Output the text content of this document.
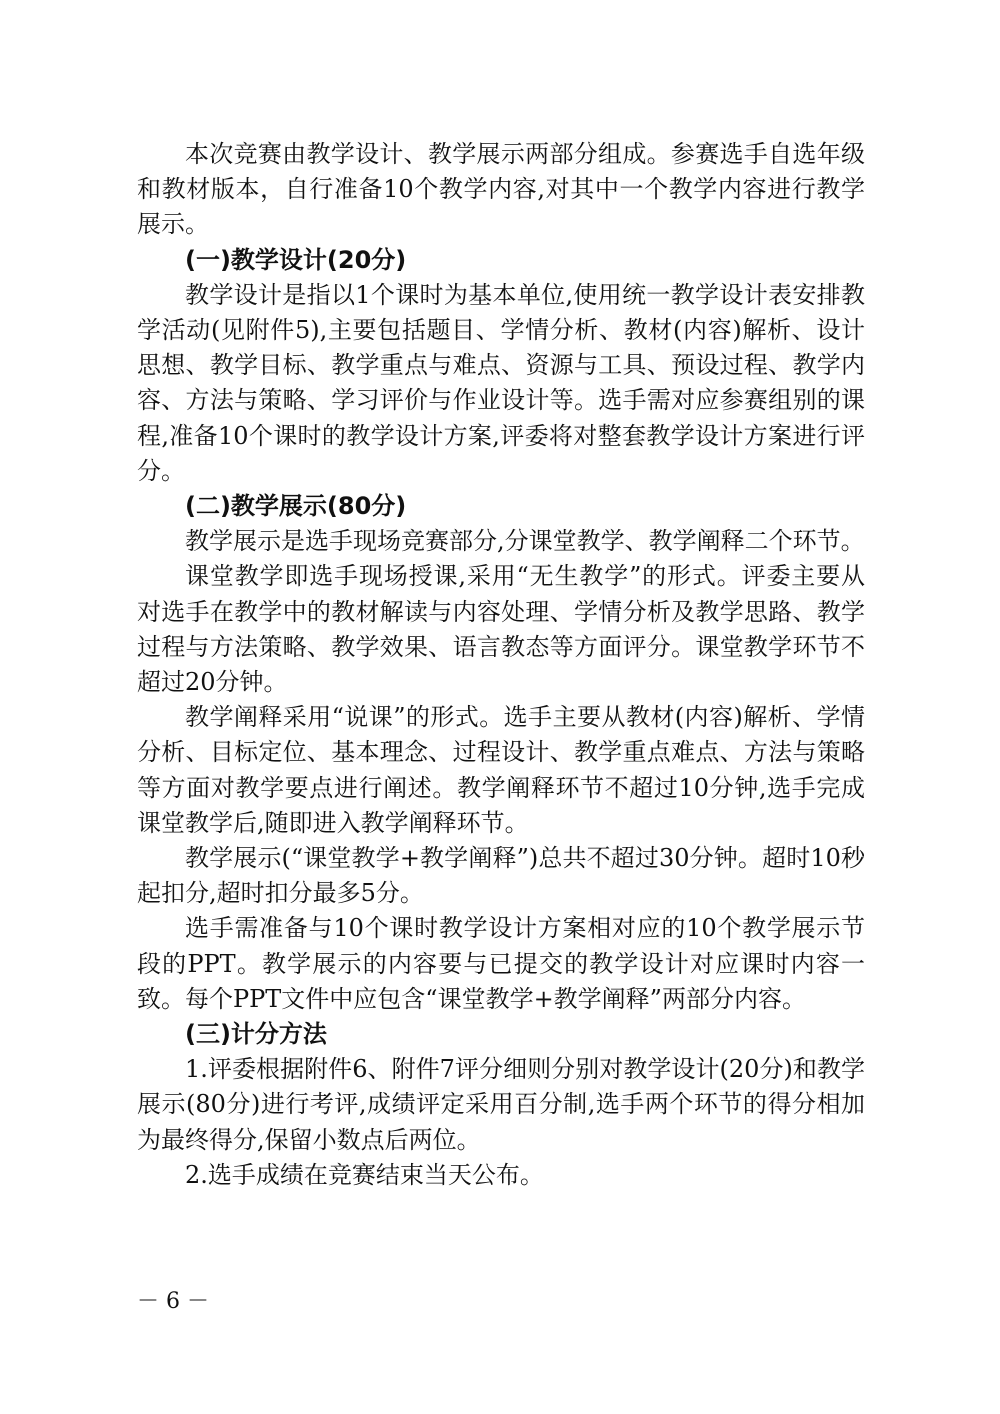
本次竞赛由教学设计、教学展示两部分组成。参赛选手自选年级和教材版本，自行准备10个教学内容,对其中一个教学内容进行教学展示。

(一)教学设计(20分)

教学设计是指以1个课时为基本单位,使用统一教学设计表安排教学活动(见附件5),主要包括题目、学情分析、教材(内容)解析、设计思想、教学目标、教学重点与难点、资源与工具、预设过程、教学内容、方法与策略、学习评价与作业设计等。选手需对应参赛组别的课程,准备10个课时的教学设计方案,评委将对整套教学设计方案进行评分。

(二)教学展示(80分)

教学展示是选手现场竞赛部分,分课堂教学、教学阐释二个环节。

课堂教学即选手现场授课,采用“无生教学”的形式。评委主要从对选手在教学中的教材解读与内容处理、学情分析及教学思路、教学过程与方法策略、教学效果、语言教态等方面评分。课堂教学环节不超过20分钟。

教学阐释采用“说课”的形式。选手主要从教材(内容)解析、学情分析、目标定位、基本理念、过程设计、教学重点难点、方法与策略等方面对教学要点进行阐述。教学阐释环节不超过10分钟,选手完成课堂教学后,随即进入教学阐释环节。

教学展示(“课堂教学+教学阐释”)总共不超过30分钟。超时10秒起扣分,超时扣分最多5分。

选手需准备与10个课时教学设计方案相对应的10个教学展示节段的PPT。教学展示的内容要与已提交的教学设计对应课时内容一致。每个PPT文件中应包含“课堂教学+教学阐释”两部分内容。

(三)计分方法

1.评委根据附件6、附件7评分细则分别对教学设计(20分)和教学展示(80分)进行考评,成绩评定采用百分制,选手两个环节的得分相加为最终得分,保留小数点后两位。

2.选手成绩在竞赛结束当天公布。

－ 6 －
